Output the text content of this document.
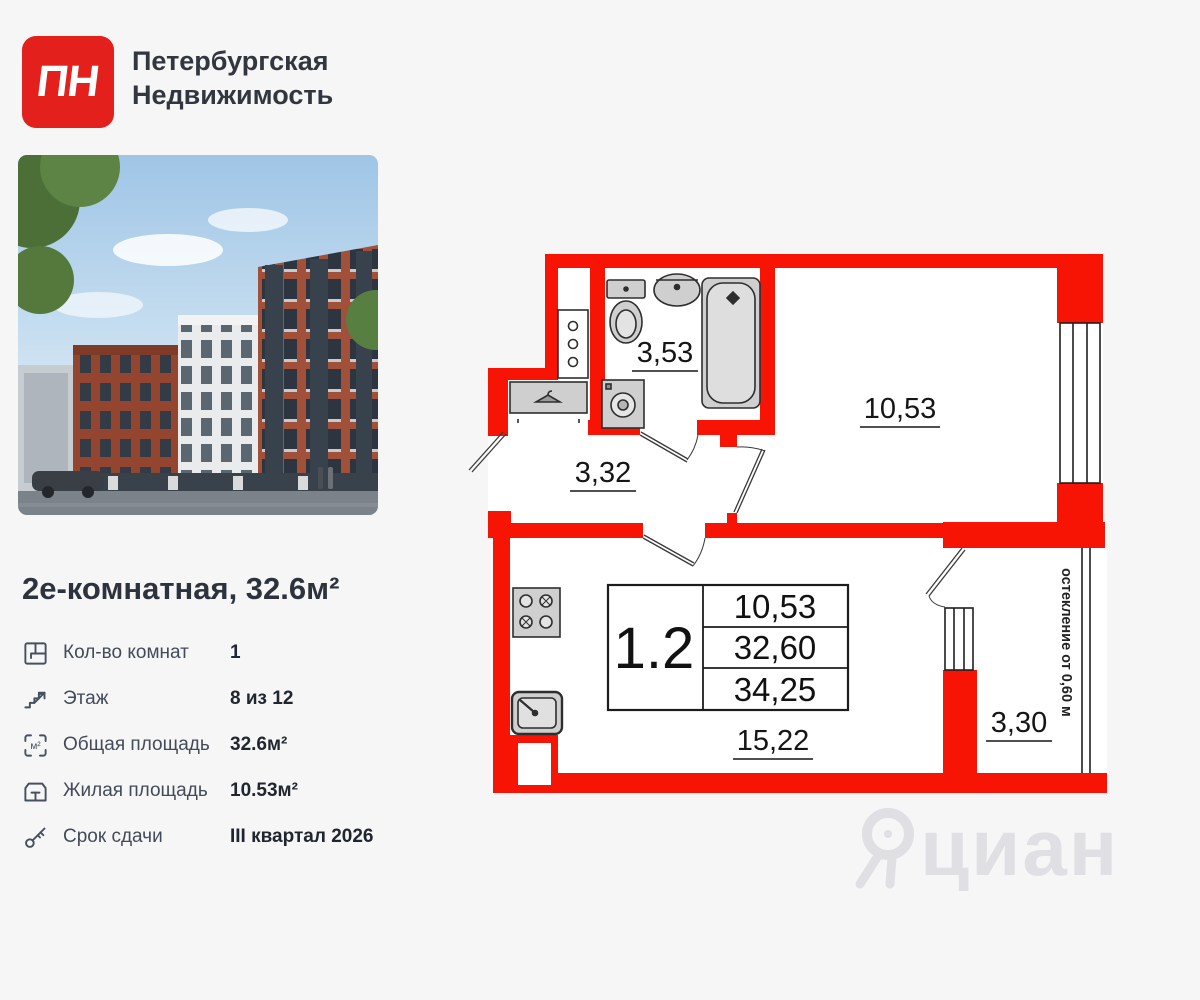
ПН Петербургская
Недвижимость
2е-комнатная, 32.6м²
Кол-во комнат 1
Этаж	8 из 12
м² Общая площадь 32.6м²
Жилая площадь 10.53м²
Срок сдачи	III квартал 2026
1.2
10,53
32,60
34,25
3,53
3,32
10,53
15,22
3,30
остекление от 0,60 м
циан
